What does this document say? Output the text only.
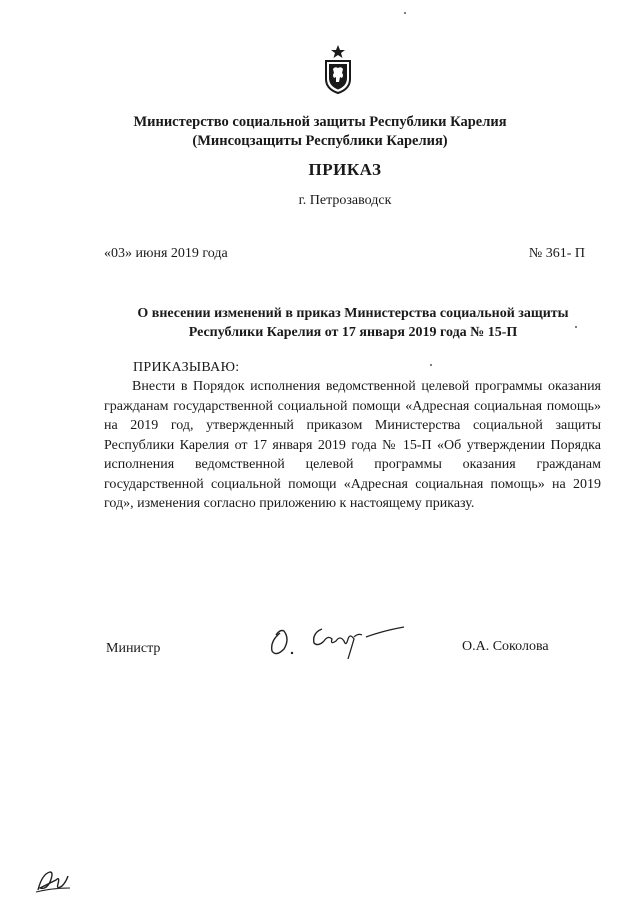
Министерство социальной защиты Республики Карелия
(Минсоцзащиты Республики Карелия)
ПРИКАЗ
г. Петрозаводск
«03» июня 2019 года	№ 361- П
О внесении изменений в приказ Министерства социальной защиты Республики Карелия от 17 января 2019 года № 15-П
ПРИКАЗЫВАЮ:
Внести в Порядок исполнения ведомственной целевой программы оказания гражданам государственной социальной помощи «Адресная социальная помощь» на 2019 год, утвержденный приказом Министерства социальной защиты Республики Карелия от 17 января 2019 года № 15-П «Об утверждении Порядка исполнения ведомственной целевой программы оказания гражданам государственной социальной помощи «Адресная социальная помощь» на 2019 год», изменения согласно приложению к настоящему приказу.
Министр	О.А. Соколова
